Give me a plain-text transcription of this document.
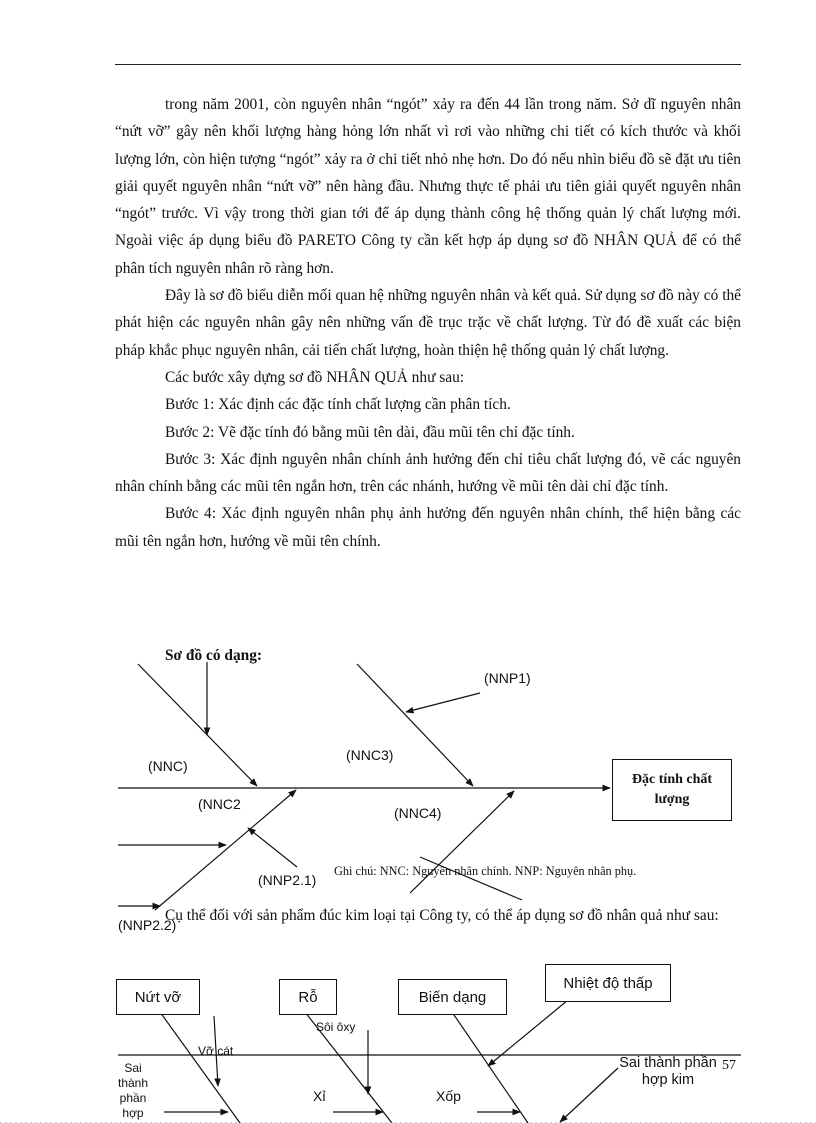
trong năm 2001, còn nguyên nhân “ngót” xảy ra đến 44 lần trong năm. Sở dĩ nguyên nhân “nứt vỡ” gây nên khối lượng hàng hỏng lớn nhất vì rơi vào những chi tiết có kích thước và khối lượng lớn, còn hiện tượng “ngót” xảy ra ở chi tiết nhỏ nhẹ hơn. Do đó nếu nhìn biểu đồ sẽ đặt ưu tiên giải quyết nguyên nhân “nứt vỡ” nên hàng đầu. Nhưng thực tế phải ưu tiên giải quyết nguyên nhân “ngót” trước. Vì vậy trong thời gian tới để áp dụng thành công hệ thống quản lý chất lượng mới. Ngoài việc áp dụng biểu đồ PARETO Công ty cần kết hợp áp dụng sơ đồ NHÂN QUẢ để có thể phân tích nguyên nhân rõ ràng hơn.

Đây là sơ đồ biểu diễn mối quan hệ những nguyên nhân và kết quả. Sử dụng sơ đồ này có thể phát hiện các nguyên nhân gây nên những vấn đề trục trặc về chất lượng. Từ đó đề xuất các biện pháp khắc phục nguyên nhân, cải tiến chất lượng, hoàn thiện hệ thống quản lý chất lượng.

Các bước xây dựng sơ đồ NHÂN QUẢ như sau:

Bước 1: Xác định các đặc tính chất lượng cần phân tích.

Bước 2: Vẽ đặc tính đó bằng mũi tên dài, đầu mũi tên chỉ đặc tính.

Bước 3: Xác định nguyên nhân chính ảnh hưởng đến chỉ tiêu chất lượng đó, vẽ các nguyên nhân chính bằng các mũi tên ngắn hơn, trên các nhánh, hướng về mũi tên dài chỉ đặc tính.

Bước 4: Xác định nguyên nhân phụ ảnh hưởng đến nguyên nhân chính, thể hiện bằng các mũi tên ngắn hơn, hướng về mũi tên chính.

Sơ đồ có dạng:
(NNP1)
(NNC3)
(NNC)
(NNC2
(NNC4)
(NNP2.1)
(NNP2.2)
Đặc tính chất lượng
Ghi chú: NNC: Nguyên nhân chính. NNP: Nguyên nhân phụ.
Cụ thể đối với sản phẩm đúc kim loại tại Công ty, có thể áp dụng sơ đồ nhân quả như sau:
Nứt vỡ	Rỗ	Biến dạng
Nhiệt độ thấp
Sôi ôxy
Vỡ cát
Sai thành phần hợp
Xỉ	Xốp
Sai thành phần hợp kim
57
